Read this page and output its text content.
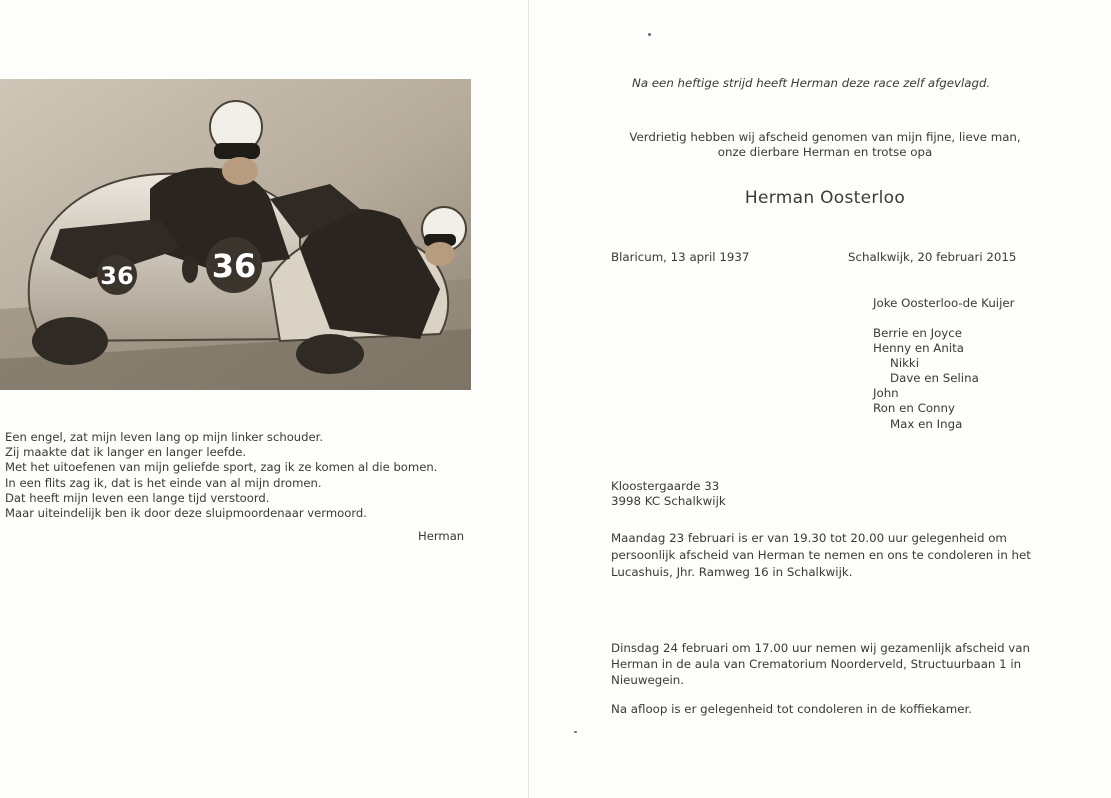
36 36
Een engel, zat mijn leven lang op mijn linker schouder.
Zij maakte dat ik langer en langer leefde.
Met het uitoefenen van mijn geliefde sport, zag ik ze komen al die bomen.
In een flits zag ik, dat is het einde van al mijn dromen.
Dat heeft mijn leven een lange tijd verstoord.
Maar uiteindelijk ben ik door deze sluipmoordenaar vermoord.
Herman
Na een heftige strijd heeft Herman deze race zelf afgevlagd.
Verdrietig hebben wij afscheid genomen van mijn fijne, lieve man,
onze dierbare Herman en trotse opa
Herman Oosterloo
Blaricum, 13 april 1937	Schalkwijk, 20 februari 2015
Joke Oosterloo-de Kuijer
Berrie en Joyce
Henny en Anita
Nikki
Dave en Selina
John
Ron en Conny
Max en Inga
Kloostergaarde 33
3998 KC Schalkwijk
Maandag 23 februari is er van 19.30 tot 20.00 uur gelegenheid om persoonlijk afscheid van Herman te nemen en ons te condoleren in het Lucashuis, Jhr. Ramweg 16 in Schalkwijk.
Dinsdag 24 februari om 17.00 uur nemen wij gezamenlijk afscheid van Herman in de aula van Crematorium Noorderveld, Structuurbaan 1 in Nieuwegein.
Na afloop is er gelegenheid tot condoleren in de koffiekamer.
